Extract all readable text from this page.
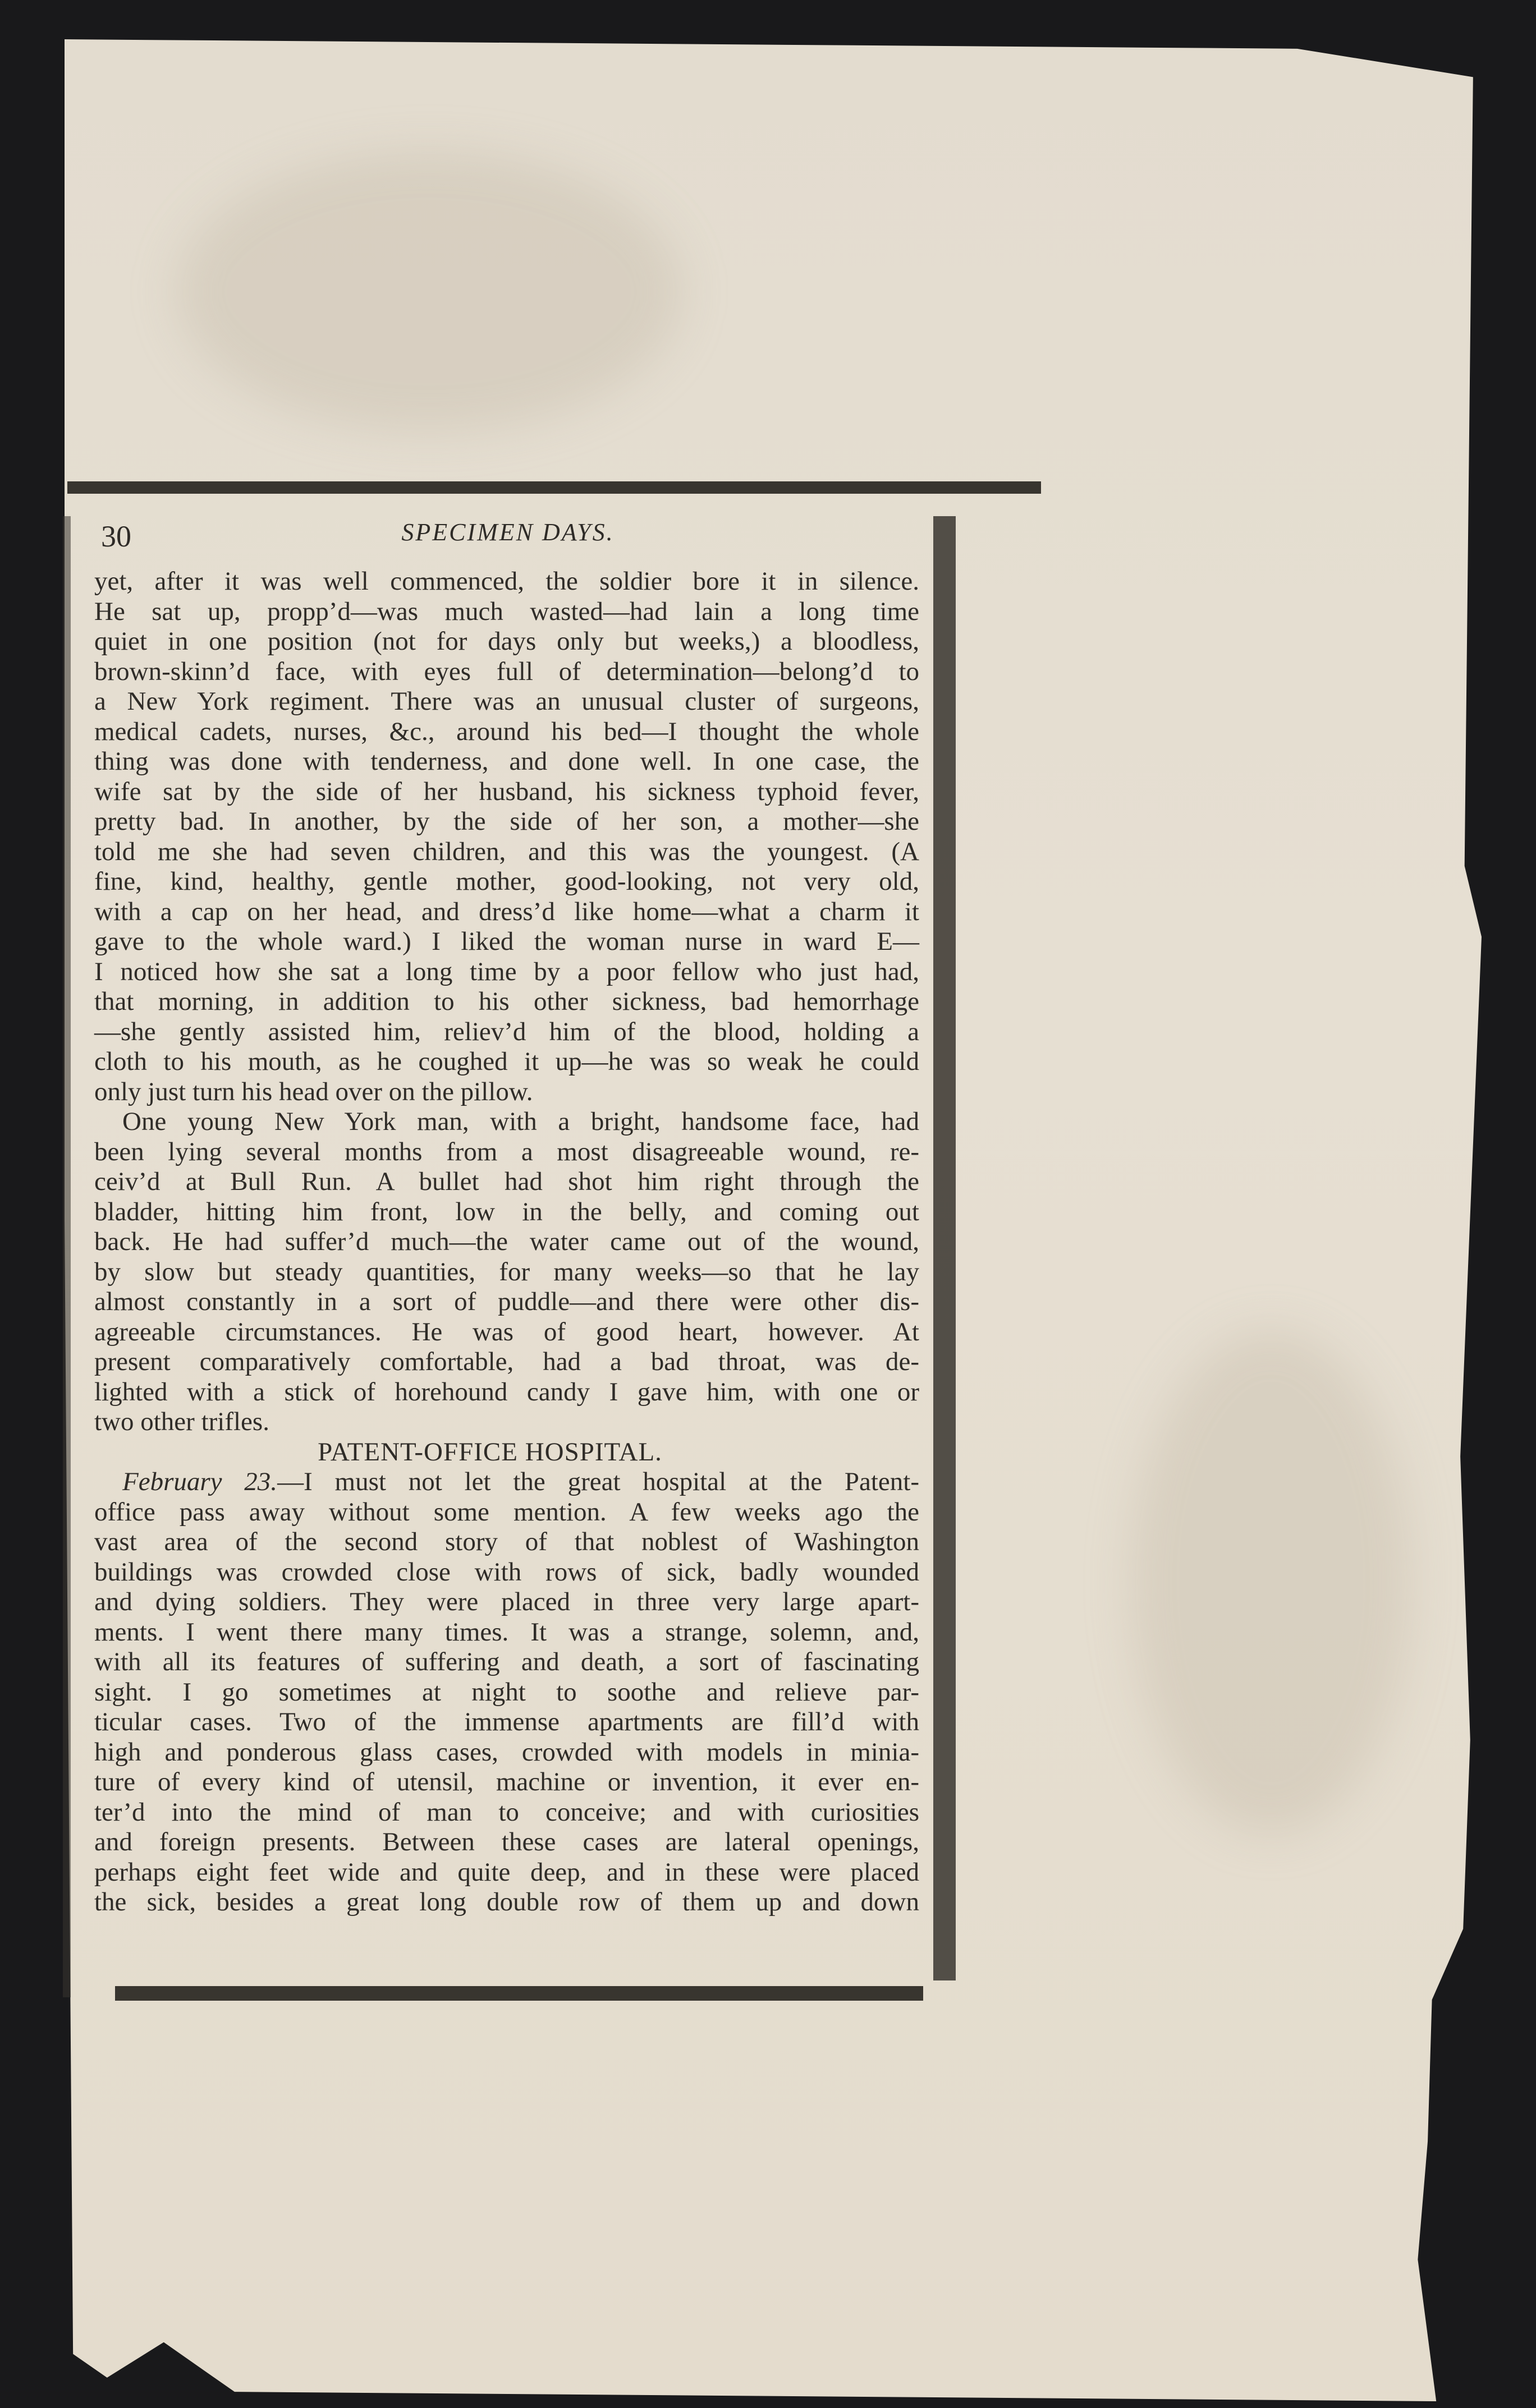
30	SPECIMEN DAYS.
yet, after it was well commenced, the soldier bore it in silence.
He sat up, propp’d—was much wasted—had lain a long time
quiet in one position (not for days only but weeks,) a bloodless,
brown-skinn’d face, with eyes full of determination—belong’d to
a New York regiment. There was an unusual cluster of surgeons,
medical cadets, nurses, &c., around his bed—I thought the whole
thing was done with tenderness, and done well. In one case, the
wife sat by the side of her husband, his sickness typhoid fever,
pretty bad. In another, by the side of her son, a mother—she
told me she had seven children, and this was the youngest. (A
fine, kind, healthy, gentle mother, good-looking, not very old,
with a cap on her head, and dress’d like home—what a charm it
gave to the whole ward.) I liked the woman nurse in ward E—
I noticed how she sat a long time by a poor fellow who just had,
that morning, in addition to his other sickness, bad hemorrhage
—she gently assisted him, reliev’d him of the blood, holding a
cloth to his mouth, as he coughed it up—he was so weak he could
only just turn his head over on the pillow.
One young New York man, with a bright, handsome face, had
been lying several months from a most disagreeable wound, re-
ceiv’d at Bull Run. A bullet had shot him right through the
bladder, hitting him front, low in the belly, and coming out
back. He had suffer’d much—the water came out of the wound,
by slow but steady quantities, for many weeks—so that he lay
almost constantly in a sort of puddle—and there were other dis-
agreeable circumstances. He was of good heart, however. At
present comparatively comfortable, had a bad throat, was de-
lighted with a stick of horehound candy I gave him, with one or
two other trifles.
PATENT-OFFICE HOSPITAL.
February 23.—I must not let the great hospital at the Patent-
office pass away without some mention. A few weeks ago the
vast area of the second story of that noblest of Washington
buildings was crowded close with rows of sick, badly wounded
and dying soldiers. They were placed in three very large apart-
ments. I went there many times. It was a strange, solemn, and,
with all its features of suffering and death, a sort of fascinating
sight. I go sometimes at night to soothe and relieve par-
ticular cases. Two of the immense apartments are fill’d with
high and ponderous glass cases, crowded with models in minia-
ture of every kind of utensil, machine or invention, it ever en-
ter’d into the mind of man to conceive; and with curiosities
and foreign presents. Between these cases are lateral openings,
perhaps eight feet wide and quite deep, and in these were placed
the sick, besides a great long double row of them up and down
